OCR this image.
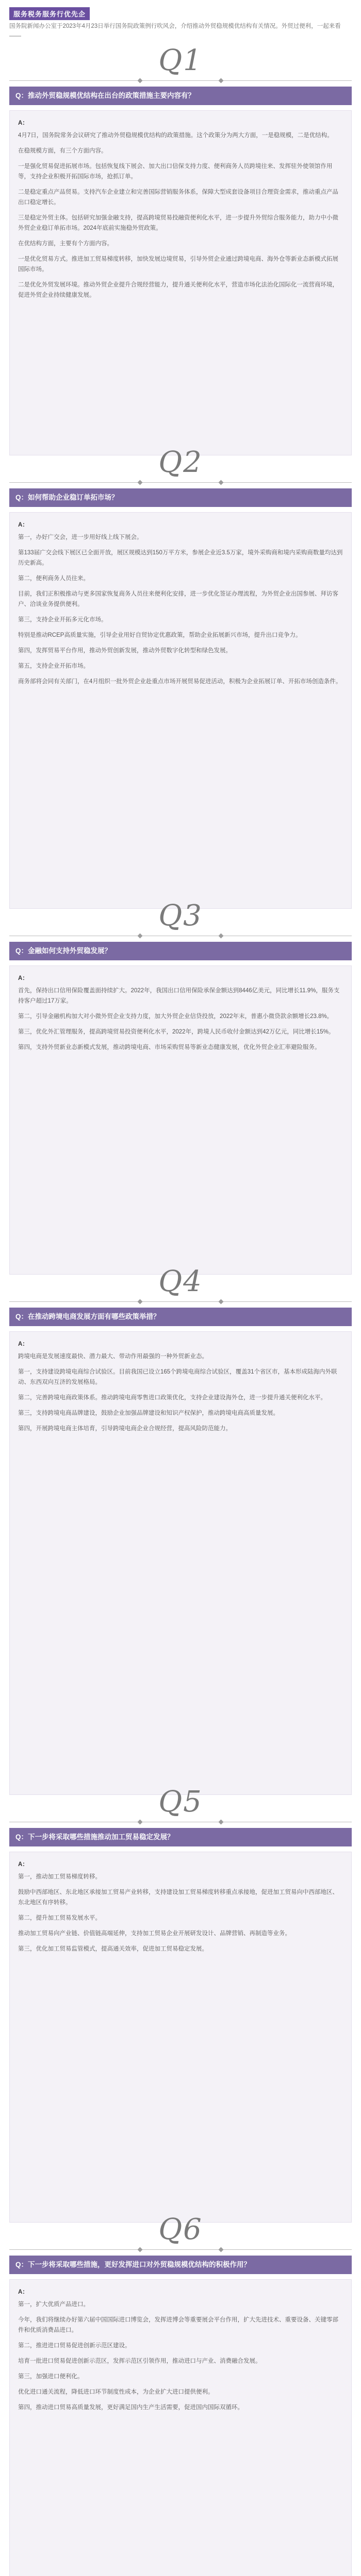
服务税务服务行优先企
国务院新闻办公室于2023年4月23日举行国务院政策例行吹风会，介绍推动外贸稳规模优结构有关情况。外贸过便利，一起来看——
Q1
Q：推动外贸稳规模优结构在出台的政策措施主要内容有？

A：

4月7日，国务院常务会议研究了推动外贸稳规模优结构的政策措施。这个政策分为两大方面，一是稳规模，二是优结构。

在稳规模方面，有三个方面内容。

一是强化贸易促进拓展市场。包括恢复线下展会、加大出口信保支持力度、便利商务人员跨境往来、发挥驻外使领馆作用等，支持企业积极开拓国际市场，抢抓订单。

二是稳定重点产品贸易。支持汽车企业建立和完善国际营销服务体系，保障大型成套设备项目合理资金需求，推动重点产品出口稳定增长。

三是稳定外贸主体。包括研究加强金融支持，提高跨境贸易投融资便利化水平，进一步提升外贸综合服务能力，助力中小微外贸企业稳订单拓市场。2024年底前实施稳外贸政策。

在优结构方面，主要有个方面内容。

一是优化贸易方式。推进加工贸易梯度转移，加快发展边境贸易，引导外贸企业通过跨境电商、海外仓等新业态新模式拓展国际市场。

二是优化外贸发展环境。推动外贸企业提升合规经营能力，提升通关便利化水平，营造市场化法治化国际化一流营商环境，促进外贸企业持续健康发展。

Q2
Q：如何帮助企业稳订单拓市场？

A：

第一，办好广交会，进一步用好线上线下展会。

第133届广交会线下展区已全面开放，展区规模达到150万平方米，参展企业近3.5万家，境外采购商和境内采购商数量均达到历史新高。

第二，便利商务人员往来。

目前，我们正积极推动与更多国家恢复商务人员往来便利化安排，进一步优化签证办理流程，为外贸企业出国参展、拜访客户、洽谈业务提供便利。

第三，支持企业开拓多元化市场。

特别是推动RCEP高质量实施，引导企业用好自贸协定优惠政策，帮助企业拓展新兴市场，提升出口竞争力。

第四，发挥贸易平台作用，推动外贸创新发展，推动外贸数字化转型和绿色发展。

第五，支持企业开拓市场。

商务部将会同有关部门，在4月组织一批外贸企业赴重点市场开展贸易促进活动，积极为企业拓展订单、开拓市场创造条件。

Q3
Q：金融如何支持外贸稳发展？

A：

首先，保持出口信用保险覆盖面持续扩大。2022年，我国出口信用保险承保金额达到8446亿美元，同比增长11.9%，服务支持客户超过17万家。

第二，引导金融机构加大对小微外贸企业支持力度，加大外贸企业信贷投放，2022年末，普惠小微贷款余额增长23.8%。

第三，优化外汇管理服务，提高跨境贸易投资便利化水平，2022年，跨境人民币收付金额达到42万亿元，同比增长15%。

第四，支持外贸新业态新模式发展，推动跨境电商、市场采购贸易等新业态健康发展，优化外贸企业汇率避险服务。

Q4
Q：在推动跨境电商发展方面有哪些政策举措？

A：

跨境电商是发展速度最快、潜力最大、带动作用最强的一种外贸新业态。

第一，支持建设跨境电商综合试验区。目前我国已设立165个跨境电商综合试验区，覆盖31个省区市，基本形成陆海内外联动、东西双向互济的发展格局。

第二，完善跨境电商政策体系。推动跨境电商零售进口政策优化，支持企业建设海外仓，进一步提升通关便利化水平。

第三，支持跨境电商品牌建设，鼓励企业加强品牌建设和知识产权保护，推动跨境电商高质量发展。

第四，开展跨境电商主体培育，引导跨境电商企业合规经营，提高风险防范能力。

Q5
Q：下一步将采取哪些措施推动加工贸易稳定发展？

A：

第一，推动加工贸易梯度转移。

鼓励中西部地区、东北地区承接加工贸易产业转移，支持建设加工贸易梯度转移重点承接地，促进加工贸易向中西部地区、东北地区有序转移。

第二，提升加工贸易发展水平。

推动加工贸易向产业链、价值链高端延伸，支持加工贸易企业开展研发设计、品牌营销、再制造等业务。

第三，优化加工贸易监管模式，提高通关效率，促进加工贸易稳定发展。

Q6
Q：下一步将采取哪些措施，更好发挥进口对外贸稳规模优结构的积极作用？

A：

第一，扩大优质产品进口。

今年，我们将继续办好第六届中国国际进口博览会，发挥进博会等重要展会平台作用，扩大先进技术、重要设备、关键零部件和优质消费品进口。

第二，推进进口贸易促进创新示范区建设。

培育一批进口贸易促进创新示范区，发挥示范区引领作用，推动进口与产业、消费融合发展。

第三，加强进口便利化。

优化进口通关流程，降低进口环节制度性成本，为企业扩大进口提供便利。

第四，推动进口贸易高质量发展，更好满足国内生产生活需要，促进国内国际双循环。
